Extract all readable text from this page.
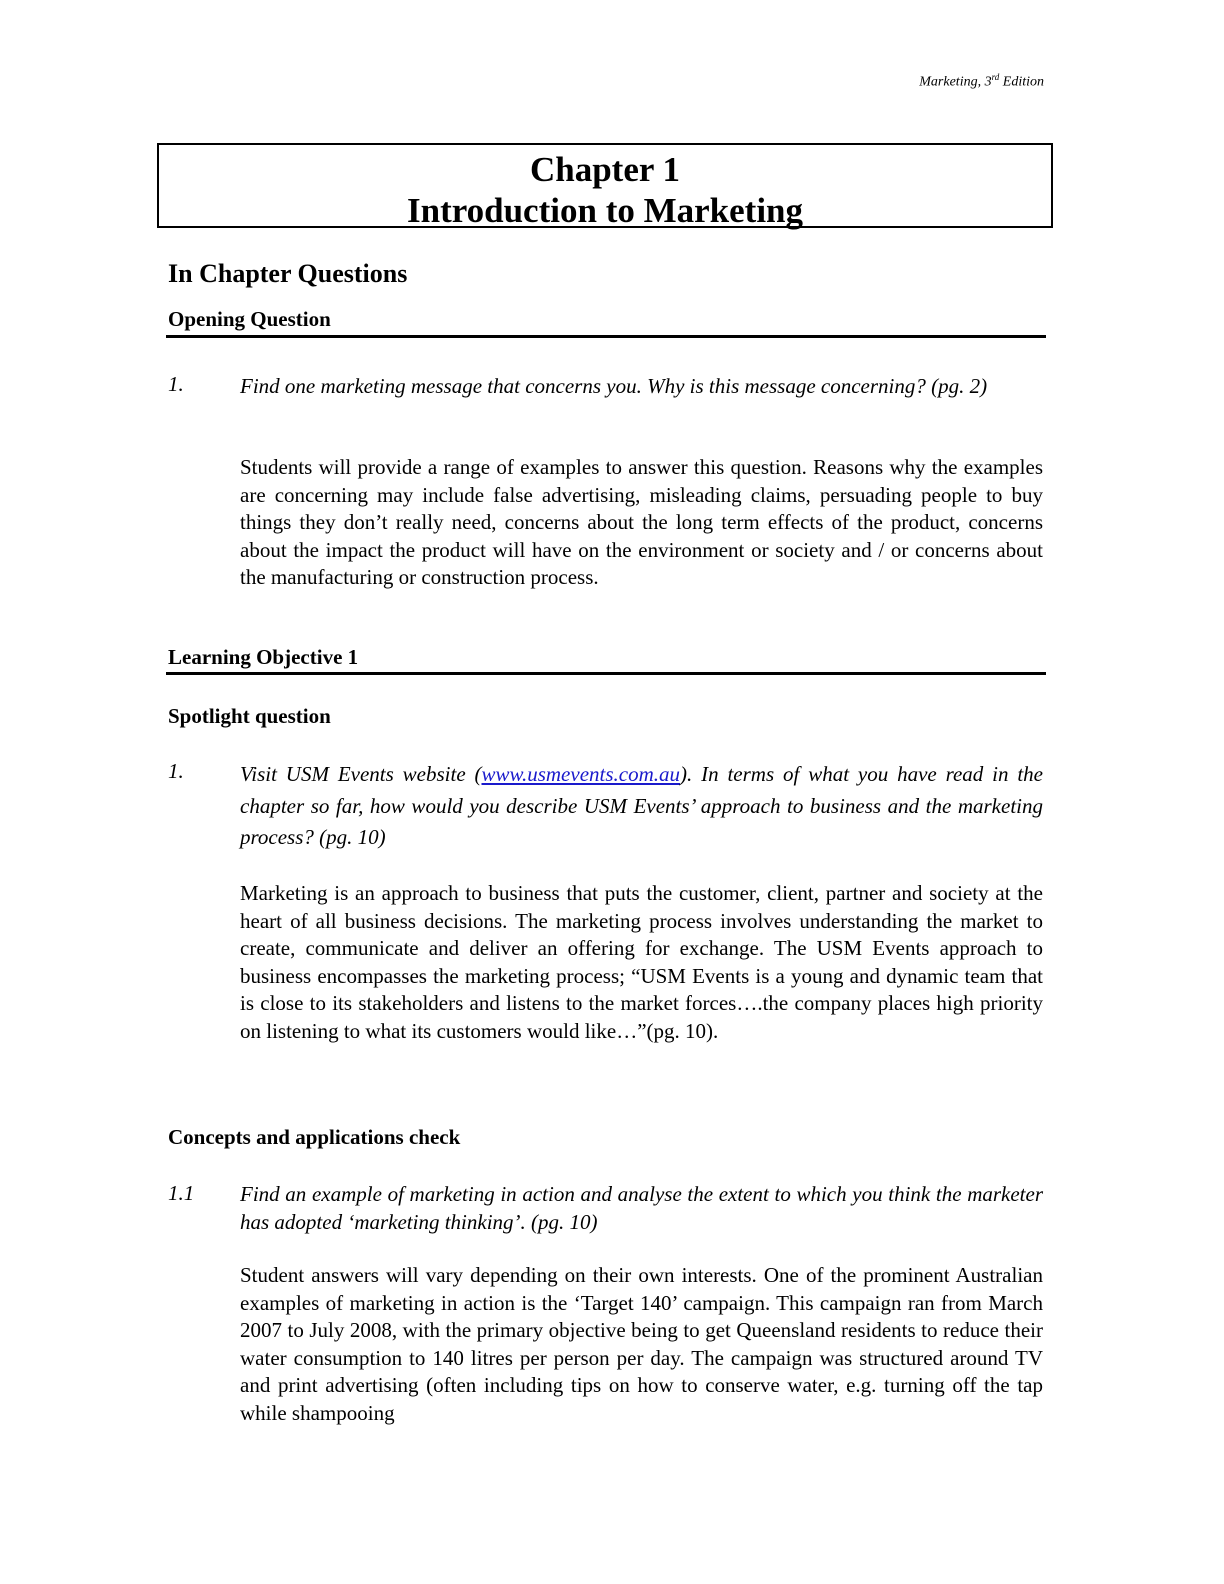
Marketing, 3rd Edition
Chapter 1
Introduction to Marketing
In Chapter Questions
Opening Question
1.	Find one marketing message that concerns you. Why is this message concerning? (pg. 2)
Students will provide a range of examples to answer this question. Reasons why the examples are concerning may include false advertising, misleading claims, persuading people to buy things they don’t really need, concerns about the long term effects of the product, concerns about the impact the product will have on the environment or society and / or concerns about the manufacturing or construction process.
Learning Objective 1
Spotlight question
1.	Visit USM Events website (www.usmevents.com.au). In terms of what you have read in the chapter so far, how would you describe USM Events’ approach to business and the marketing process? (pg. 10)
Marketing is an approach to business that puts the customer, client, partner and society at the heart of all business decisions. The marketing process involves understanding the market to create, communicate and deliver an offering for exchange. The USM Events approach to business encompasses the marketing process; “USM Events is a young and dynamic team that is close to its stakeholders and listens to the market forces….the company places high priority on listening to what its customers would like…”(pg. 10).
Concepts and applications check
1.1 Find an example of marketing in action and analyse the extent to which you think the marketer has adopted ‘marketing thinking’. (pg. 10)
Student answers will vary depending on their own interests. One of the prominent Australian examples of marketing in action is the ‘Target 140’ campaign. This campaign ran from March 2007 to July 2008, with the primary objective being to get Queensland residents to reduce their water consumption to 140 litres per person per day. The campaign was structured around TV and print advertising (often including tips on how to conserve water, e.g. turning off the tap while shampooing
